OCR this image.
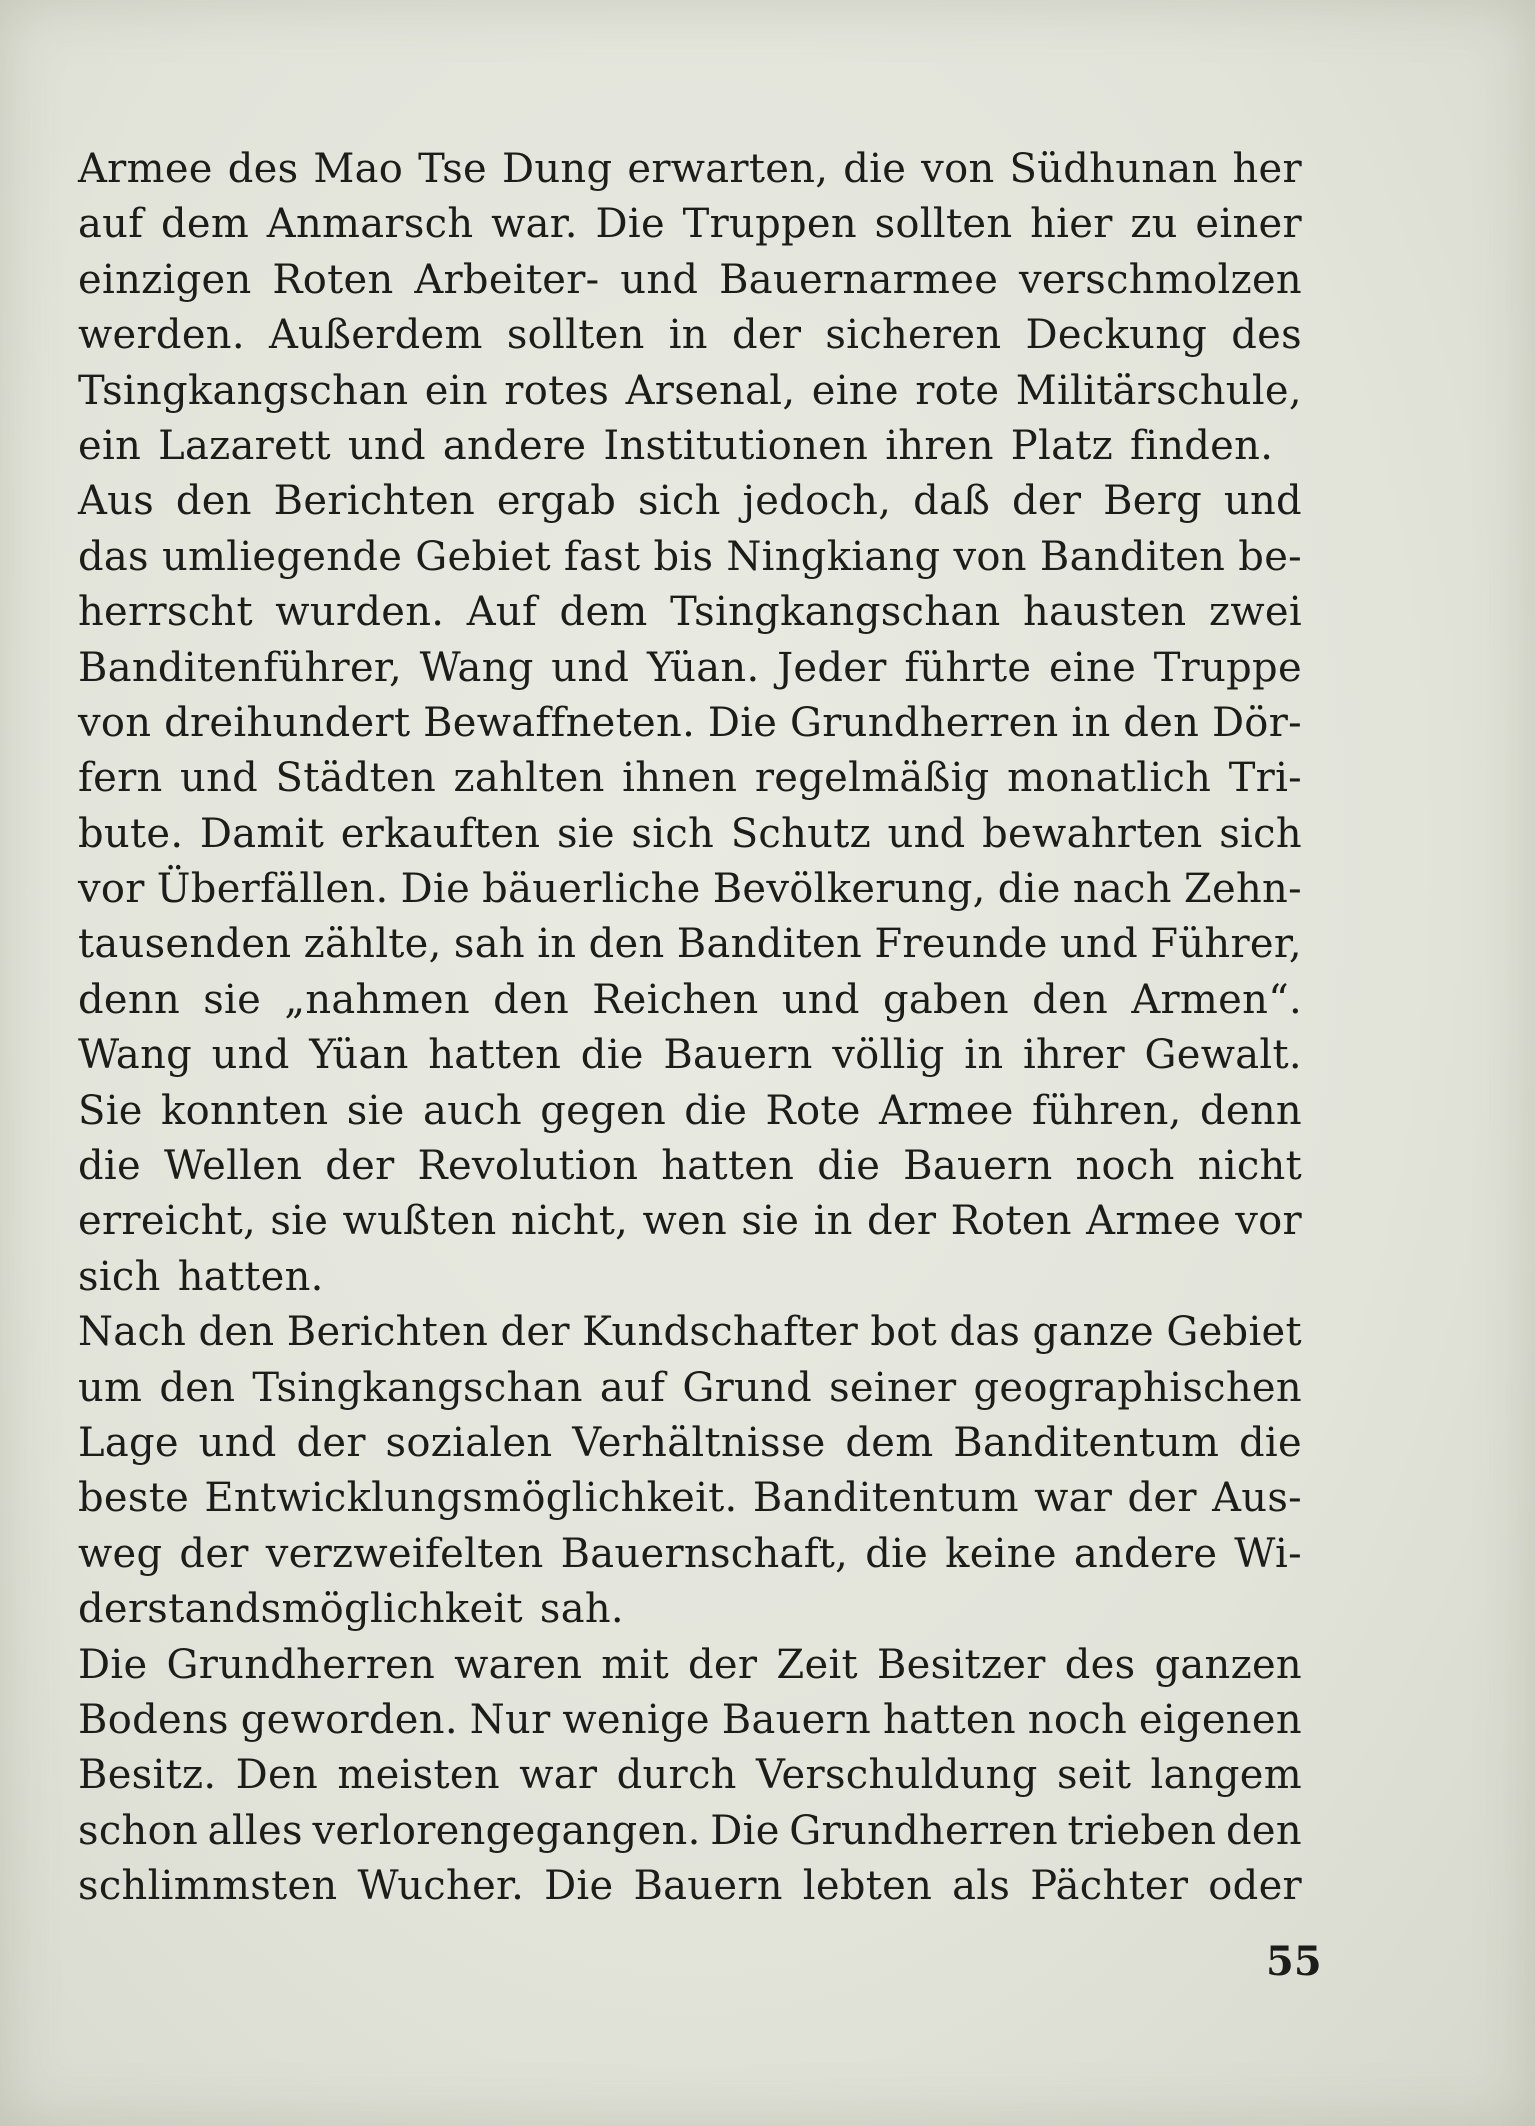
Armee des Mao Tse Dung erwarten, die von Südhunan her
auf dem Anmarsch war. Die Truppen sollten hier zu einer
einzigen Roten Arbeiter- und Bauernarmee verschmolzen
werden. Außerdem sollten in der sicheren Deckung des
Tsingkangschan ein rotes Arsenal, eine rote Militärschule,
ein Lazarett und andere Institutionen ihren Platz finden.
Aus den Berichten ergab sich jedoch, daß der Berg und
das umliegende Gebiet fast bis Ningkiang von Banditen be-
herrscht wurden. Auf dem Tsingkangschan hausten zwei
Banditenführer, Wang und Yüan. Jeder führte eine Truppe
von dreihundert Bewaffneten. Die Grundherren in den Dör-
fern und Städten zahlten ihnen regelmäßig monatlich Tri-
bute. Damit erkauften sie sich Schutz und bewahrten sich
vor Überfällen. Die bäuerliche Bevölkerung, die nach Zehn-
tausenden zählte, sah in den Banditen Freunde und Führer,
denn sie „nahmen den Reichen und gaben den Armen“.
Wang und Yüan hatten die Bauern völlig in ihrer Gewalt.
Sie konnten sie auch gegen die Rote Armee führen, denn
die Wellen der Revolution hatten die Bauern noch nicht
erreicht, sie wußten nicht, wen sie in der Roten Armee vor
sich hatten.
Nach den Berichten der Kundschafter bot das ganze Gebiet
um den Tsingkangschan auf Grund seiner geographischen
Lage und der sozialen Verhältnisse dem Banditentum die
beste Entwicklungsmöglichkeit. Banditentum war der Aus-
weg der verzweifelten Bauernschaft, die keine andere Wi-
derstandsmöglichkeit sah.
Die Grundherren waren mit der Zeit Besitzer des ganzen
Bodens geworden. Nur wenige Bauern hatten noch eigenen
Besitz. Den meisten war durch Verschuldung seit langem
schon alles verlorengegangen. Die Grundherren trieben den
schlimmsten Wucher. Die Bauern lebten als Pächter oder
55
